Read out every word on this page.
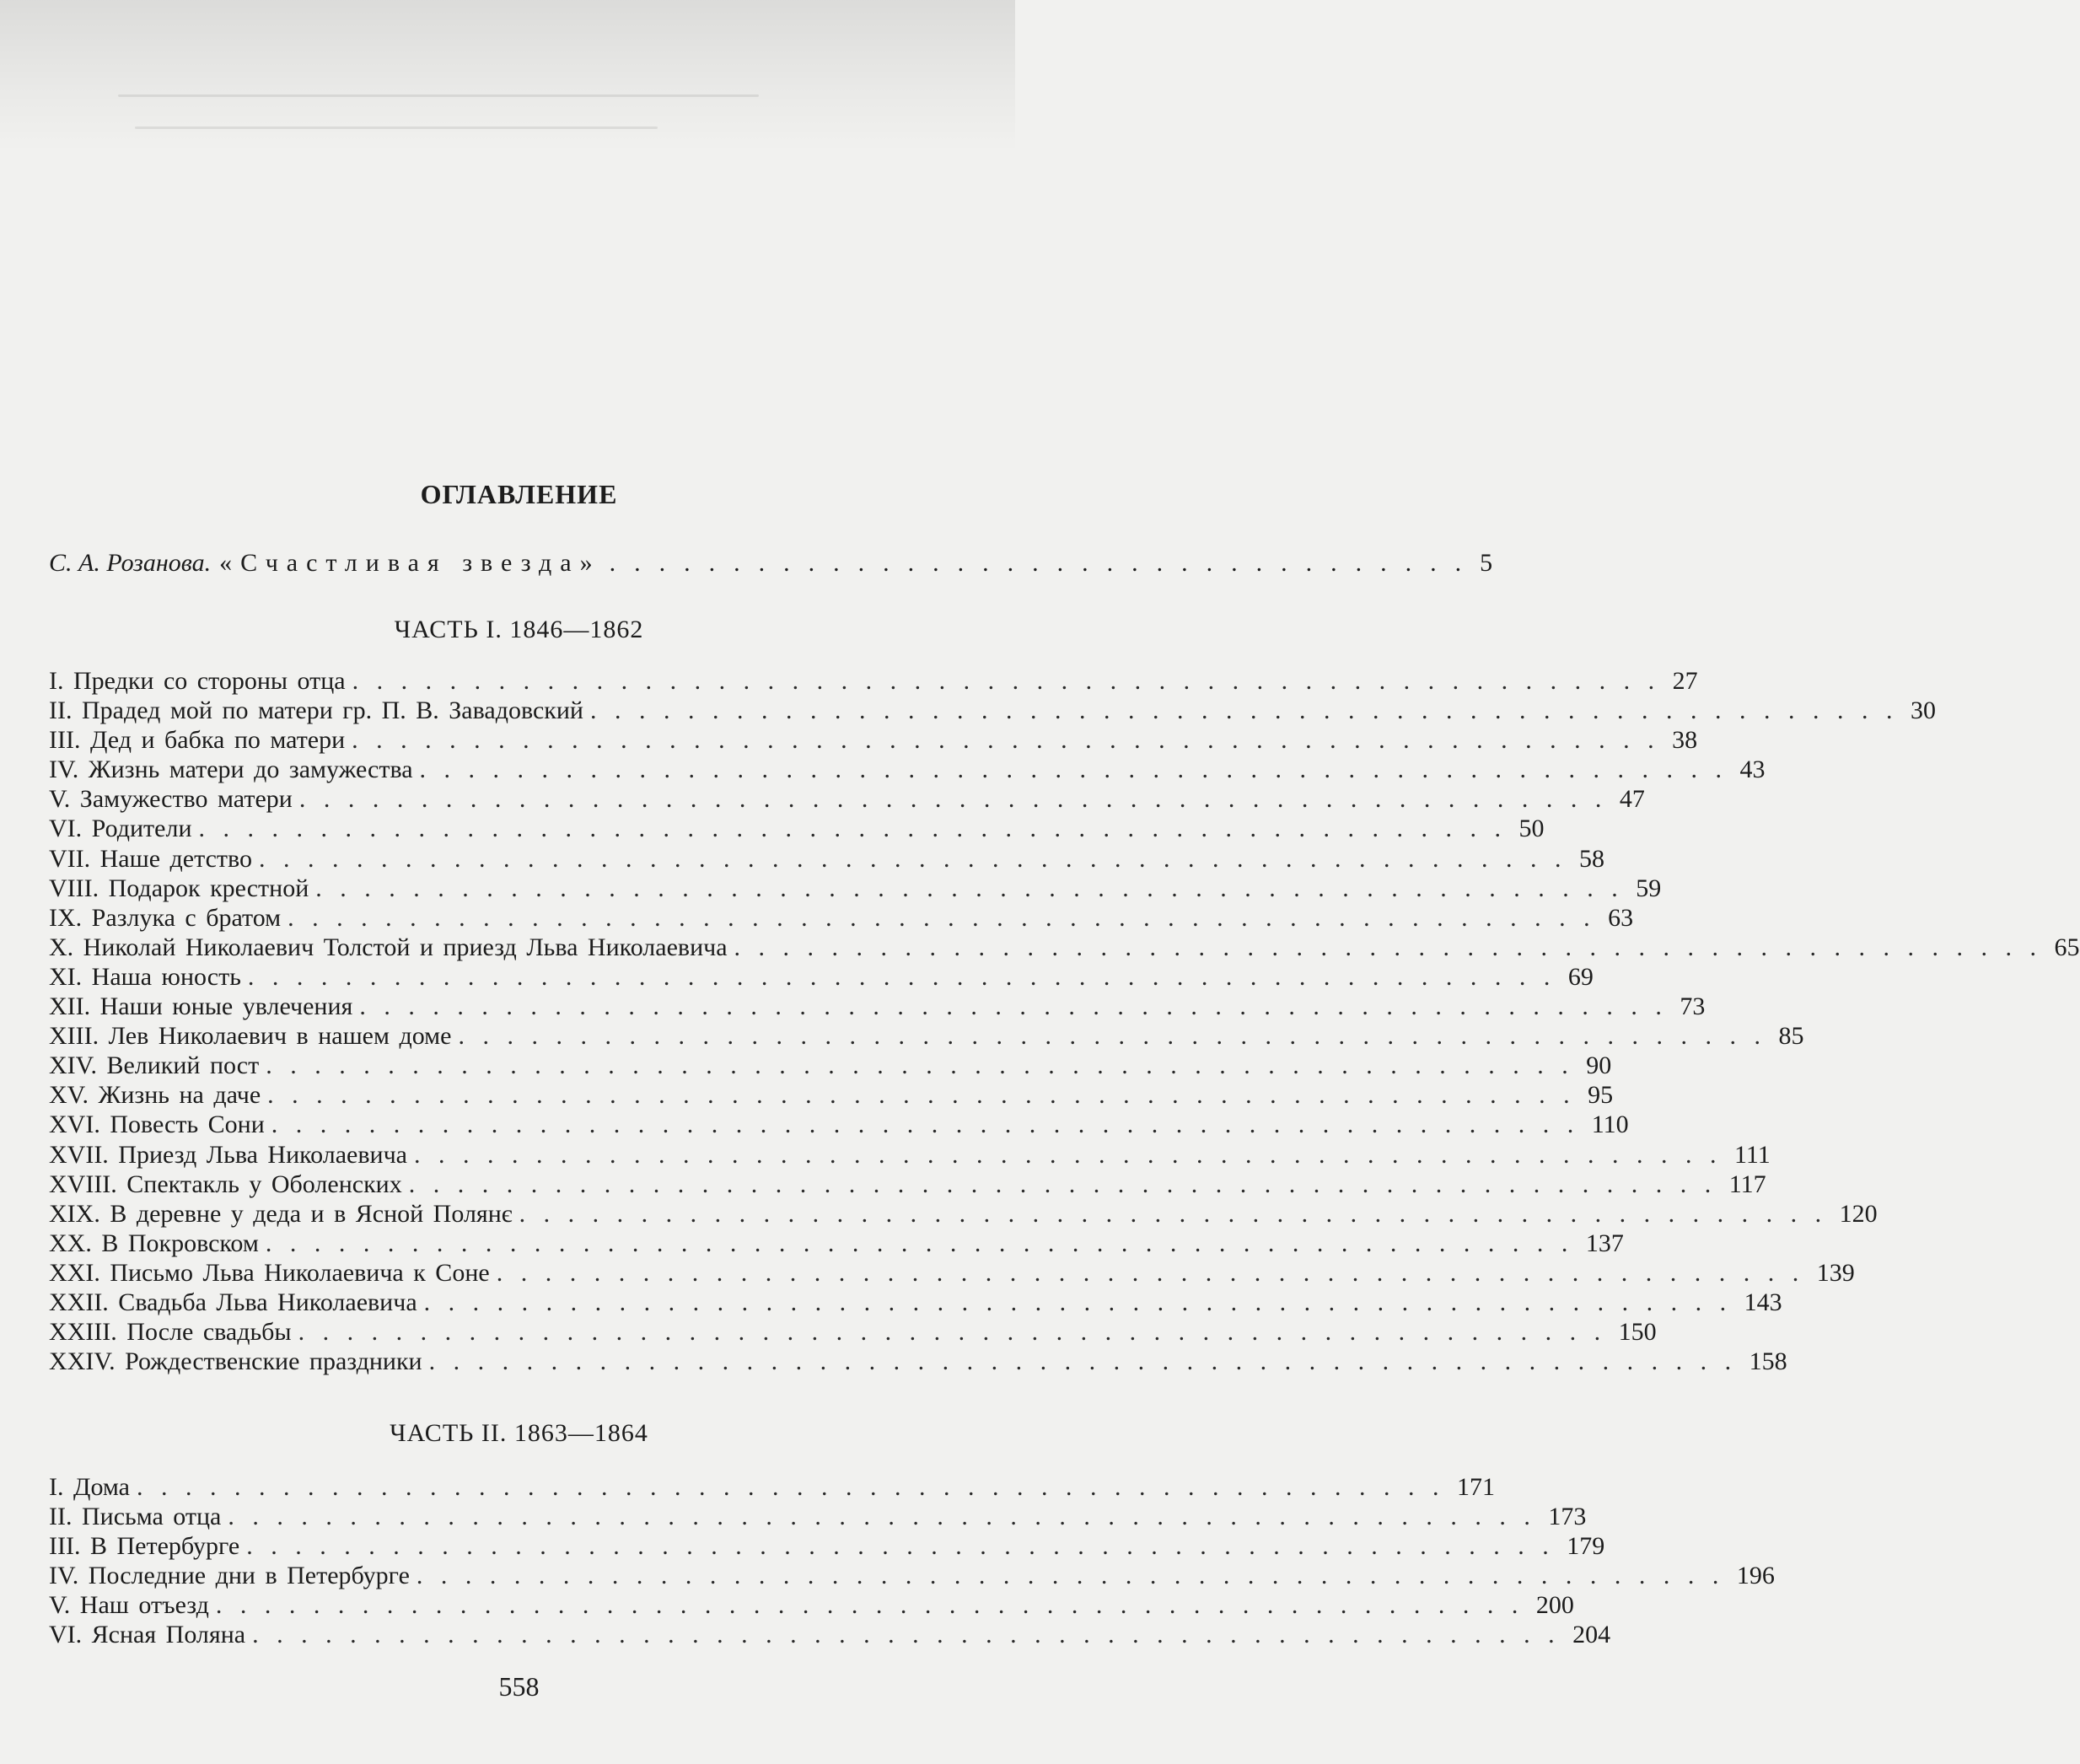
ОГЛАВЛЕНИЕ
С. А. Розанова. «Счастливая звезда» ................................... 5
ЧАСТЬ I. 1846—1862
I. Предки со стороны отца ...................................................... 27
II. Прадед мой по матери гр. П. В. Завадовский ...................................................... 30
III. Дед и бабка по матери ...................................................... 38
IV. Жизнь матери до замужества ...................................................... 43
V. Замужество матери ...................................................... 47
VI. Родители ...................................................... 50
VII. Наше детство ...................................................... 58
VIII. Подарок крестной ...................................................... 59
IX. Разлука с братом ...................................................... 63
X. Николай Николаевич Толстой и приезд Льва Николаевича ...................................................... 65
XI. Наша юность ...................................................... 69
XII. Наши юные увлечения ...................................................... 73
XIII. Лев Николаевич в нашем доме ...................................................... 85
XIV. Великий пост ...................................................... 90
XV. Жизнь на даче ...................................................... 95
XVI. Повесть Сони ...................................................... 110
XVII. Приезд Льва Николаевича ...................................................... 111
XVIII. Спектакль у Оболенских ...................................................... 117
XIX. В деревне у деда и в Ясной Полянє ...................................................... 120
XX. В Покровском ...................................................... 137
XXI. Письмо Льва Николаевича к Соне ...................................................... 139
XXII. Свадьба Льва Николаевича ...................................................... 143
XXIII. После свадьбы ...................................................... 150
XXIV. Рождественские праздники ...................................................... 158
ЧАСТЬ II. 1863—1864
I. Дома ...................................................... 171
II. Письма отца ...................................................... 173
III. В Петербурге ...................................................... 179
IV. Последние дни в Петербурге ...................................................... 196
V. Наш отъезд ...................................................... 200
VI. Ясная Поляна ...................................................... 204
558
